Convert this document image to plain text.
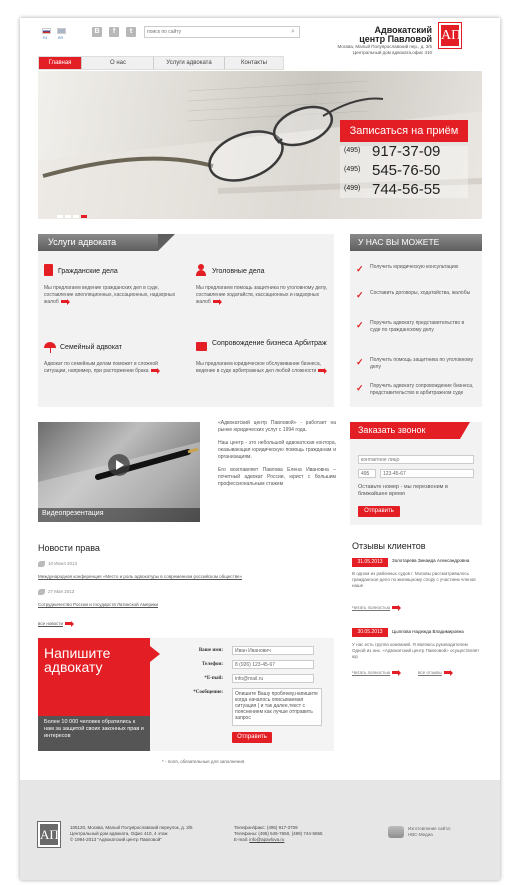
ru en
В	f	t
поиск по сайту	⌕	Адвокатский
центр Павловой АП
Москва, Малый Полуярославский пер., д. 3/5
Центральный дом адвоката,офис 410
Главная	О нас	Услуги адвоката	Контакты
Записаться на приём
(495) 917-37-09
(495) 545-76-50
(499) 744-56-55
Услуги адвоката
Гражданские дела
Мы предлагаем ведение гражданских дел в суде, составление апелляционных, кассационных, надзорных жалоб
Уголовные дела
Мы предлагаем помощь защитника по уголовному делу, составление ходатайств, кассационных и надзорных жалоб
Семейный адвокат
Адвокат по семейным делам поможет в сложной ситуации, например, при расторжении брака
Сопровождение бизнеса Арбитраж
Мы предлагаем юридическое обслуживание бизнеса, ведение в суде арбитражных дел любой сложности
У НАС ВЫ МОЖЕТЕ
✓ Получить юридическую консультацию
✓ Составить договоры, ходатайства, жалобы
✓ Поручить адвокату представительство в суде по гражданскому делу
✓ Получить помощь защитника по уголовному делу
✓ Поручить адвокату сопровождение бизнеса, представительство в арбитражном суде
Видеопрезентация

«Адвокатский центр Павловой» - работает на рынке юридических услуг с 1994 года.

Наш центр - это небольшой адвокатская контора, оказывающая юридическую помощь гражданам и организациям.

Его возглавляет Павлова Елена Ивановна – почетный адвокат России, юрист с большим профессиональным стажем

Заказать звонок
контактное лицо
495
123-45-67
Оставьте номер - мы перезвоним в ближайшее время
Отправить
Новости права
10 Июня 2013
Международная конференция «Место и роль адвокатуры в современном российском обществе»
27 Мая 2013
Сотрудничество России и государств Латинской Америки
все новости
Отзывы клиентов
31.05.2013	Золотарева Зинаида Александровна
В одном из районных судов г. Москвы рассматривалось гражданское дело по жилищному спору с участием членов наше
Читать полностью
30.05.2013	Цыплова Надежда Владимировна
У нас есть группа компаний. Я являюсь руководителем Одной из них. «Адвокатский центр Павловой» осуществляет юр
Читать полностью	все отзывы
Напишите
адвокату
Более 10 000 человек обратились к нам за защитой своих законных прав и интересов
Ваше имя:
Иван Иванович
Телефон:
8 (926) 123-45-67
*E-mail:
info@mail.ru
*Сообщение:
Опишите Вашу проблему,напишите когда началось описываемая ситуация ( и так далее,текст с пояснением как лучше отправить запрос
Отправить
* - поля, обязательные для заполнения.
АП 105120, Москва, Малый Полуярославский переулок, д. 3/5
Центральный дом адвоката, Офис 410, 4 этаж
© 1994-2013 "Адвокатский центр Павловой"
Телефон/факс: (495) 917-3709
Телефоны: (495) 545-7650, (499) 744-5655
E-mail: info@apavlova.ru
Изготовление сайта:
НВС-Медиа
